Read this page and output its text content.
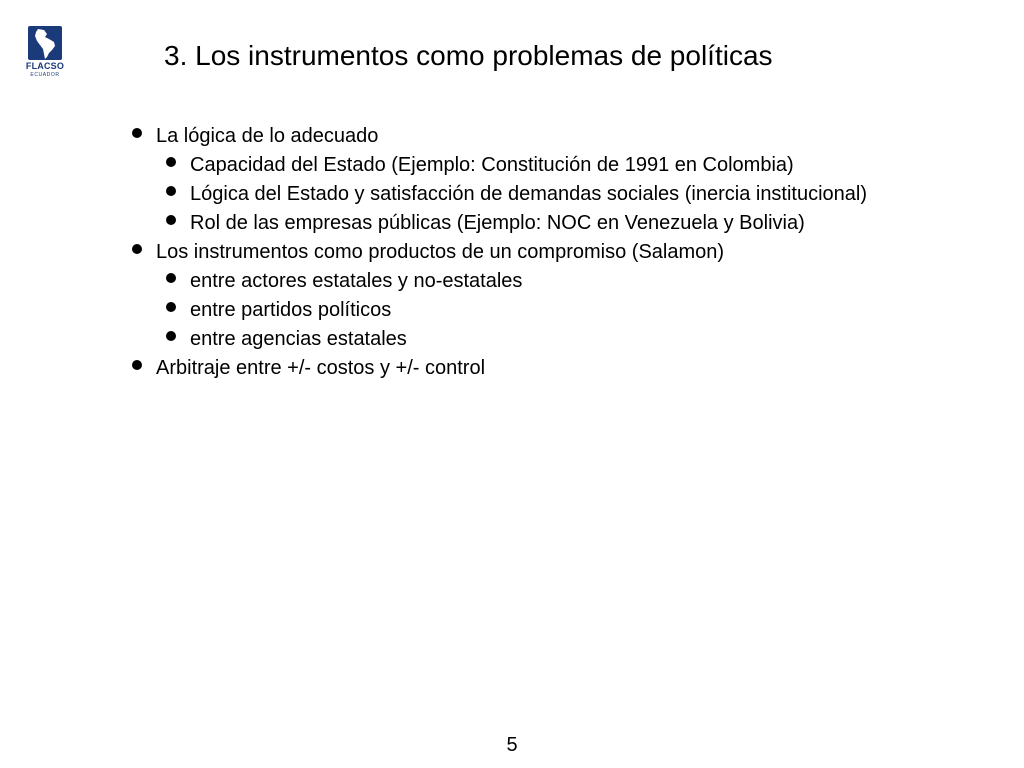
FLACSO
ECUADOR
3. Los instrumentos como problemas de políticas
La lógica de lo adecuado
Capacidad del Estado (Ejemplo: Constitución de 1991 en Colombia)
Lógica del Estado y satisfacción de demandas sociales (inercia institucional)
Rol de las empresas públicas (Ejemplo: NOC en Venezuela y Bolivia)
Los instrumentos como productos de un compromiso (Salamon)
entre actores estatales y no-estatales
entre partidos políticos
entre agencias estatales
Arbitraje entre +/- costos y +/- control
5
